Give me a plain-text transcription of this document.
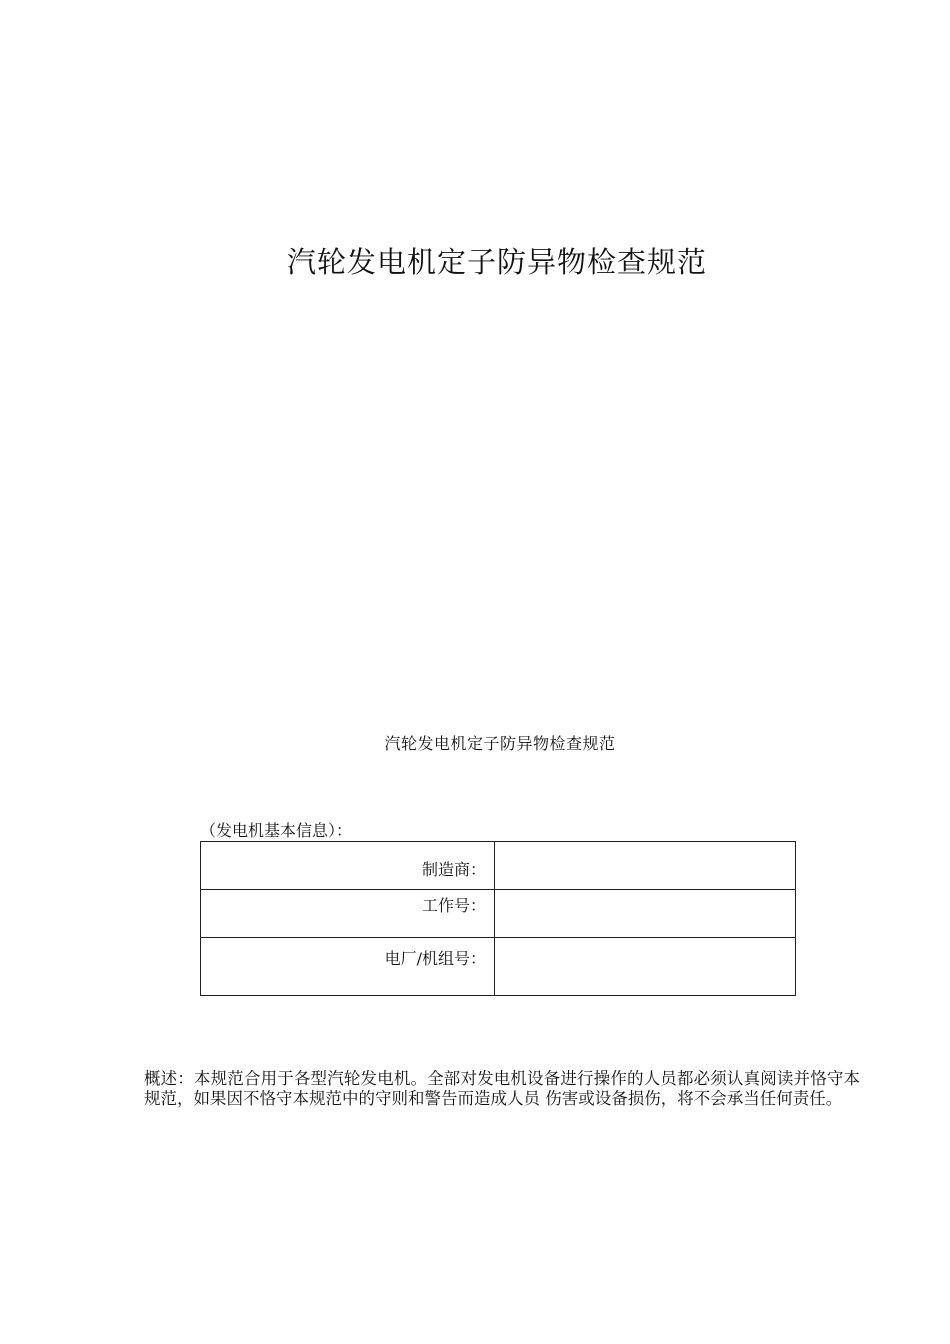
汽轮发电机定子防异物检查规范
汽轮发电机定子防异物检查规范
（发电机基本信息）：
制造商：	
工作号：	
电厂/机组号：	
概述：本规范合用于各型汽轮发电机。全部对发电机设备进行操作的人员都必须认真阅读并恪守本规范，如果因不恪守本规范中的守则和警告而造成人员 伤害或设备损伤，将不会承当任何责任。
